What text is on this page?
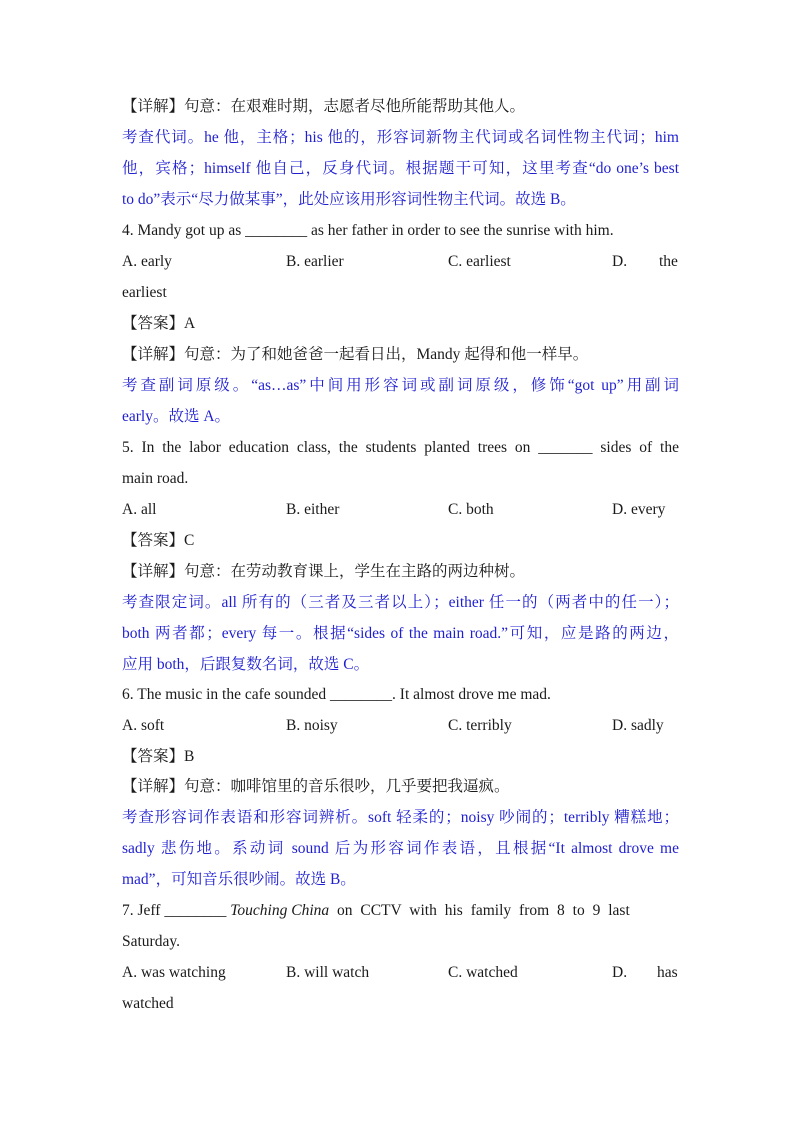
【详解】句意：在艰难时期，志愿者尽他所能帮助其他人。
考查代词。he 他，主格；his 他的，形容词新物主代词或名词性物主代词；him
他，宾格；himself 他自己，反身代词。根据题干可知，这里考查“do one’s best
to do”表示“尽力做某事”，此处应该用形容词性物主代词。故选 B。
4. Mandy got up as ________ as her father in order to see the sunrise with him.
A. early	B. earlier	C. earliest	D. the
earliest
【答案】A
【详解】句意：为了和她爸爸一起看日出，Mandy 起得和他一样早。
考查副词原级。“as…as”中间用形容词或副词原级，修饰“got up”用副词
early。故选 A。
5. In the labor education class, the students planted trees on _______ sides of the
main road.
A. all	B. either	C. both	D. every
【答案】C
【详解】句意：在劳动教育课上，学生在主路的两边种树。
考查限定词。all 所有的（三者及三者以上）；either 任一的（两者中的任一）；
both 两者都；every 每一。根据“sides of the main road.”可知，应是路的两边，
应用 both，后跟复数名词，故选 C。
6. The music in the cafe sounded ________. It almost drove me mad.
A. soft	B. noisy	C. terribly	D. sadly
【答案】B
【详解】句意：咖啡馆里的音乐很吵，几乎要把我逼疯。
考查形容词作表语和形容词辨析。soft 轻柔的；noisy 吵闹的；terribly 糟糕地；
sadly 悲伤地。系动词 sound 后为形容词作表语，且根据“It almost drove me
mad”，可知音乐很吵闹。故选 B。
7. Jeff ________ Touching China on CCTV with his family from 8 to 9 last
Saturday.
A. was watching	B. will watch	C. watched	D. has
watched
